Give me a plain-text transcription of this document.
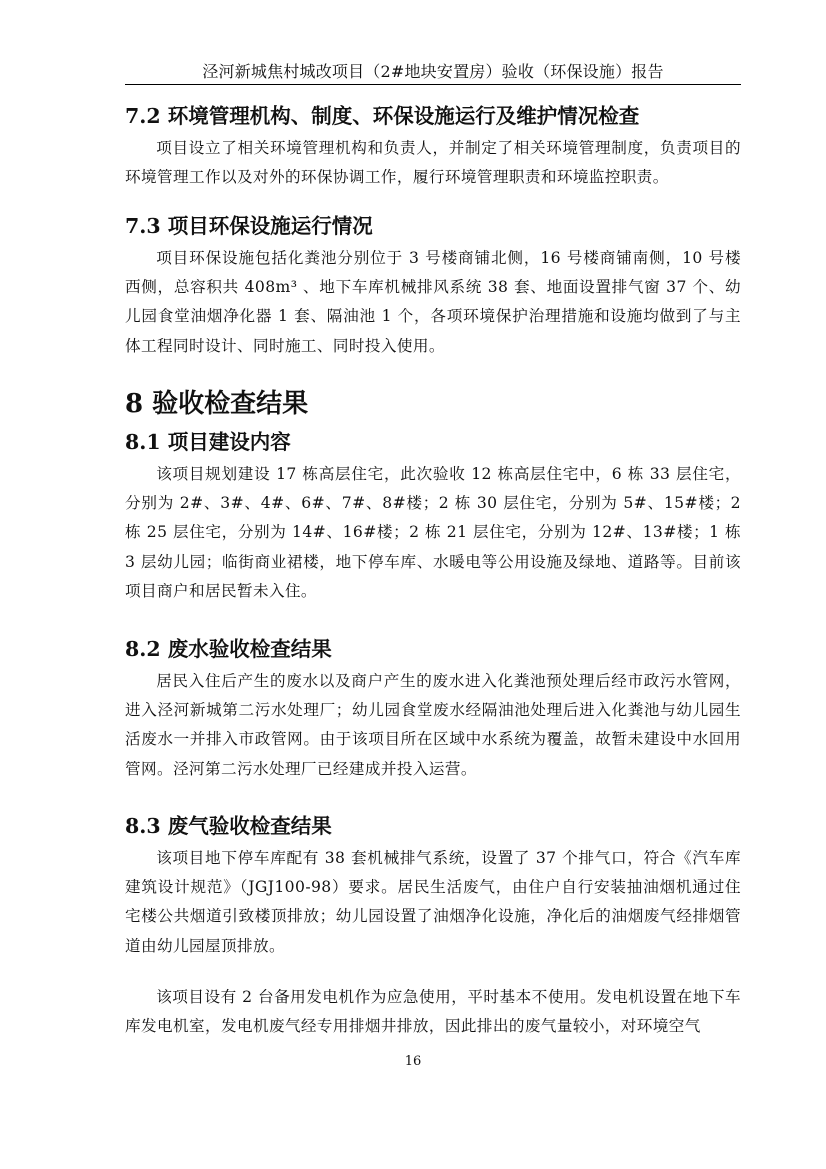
泾河新城焦村城改项目（2#地块安置房）验收（环保设施）报告
7.2 环境管理机构、制度、环保设施运行及维护情况检查

项目设立了相关环境管理机构和负责人，并制定了相关环境管理制度，负责项目的环境管理工作以及对外的环保协调工作，履行环境管理职责和环境监控职责。

7.3 项目环保设施运行情况

项目环保设施包括化粪池分别位于 3 号楼商铺北侧，16 号楼商铺南侧，10 号楼西侧，总容积共 408m³ 、地下车库机械排风系统 38 套、地面设置排气窗 37 个、幼儿园食堂油烟净化器 1 套、隔油池 1 个，各项环境保护治理措施和设施均做到了与主体工程同时设计、同时施工、同时投入使用。

8 验收检查结果
8.1 项目建设内容

该项目规划建设 17 栋高层住宅，此次验收 12 栋高层住宅中，6 栋 33 层住宅，分别为 2#、3#、4#、6#、7#、8#楼；2 栋 30 层住宅，分别为 5#、15#楼；2 栋 25 层住宅，分别为 14#、16#楼；2 栋 21 层住宅，分别为 12#、13#楼；1 栋 3 层幼儿园；临街商业裙楼，地下停车库、水暖电等公用设施及绿地、道路等。目前该项目商户和居民暂未入住。

8.2 废水验收检查结果

居民入住后产生的废水以及商户产生的废水进入化粪池预处理后经市政污水管网，进入泾河新城第二污水处理厂；幼儿园食堂废水经隔油池处理后进入化粪池与幼儿园生活废水一并排入市政管网。由于该项目所在区域中水系统为覆盖，故暂未建设中水回用管网。泾河第二污水处理厂已经建成并投入运营。

8.3 废气验收检查结果

该项目地下停车库配有 38 套机械排气系统，设置了 37 个排气口，符合《汽车库建筑设计规范》（JGJ100-98）要求。居民生活废气，由住户自行安装抽油烟机通过住宅楼公共烟道引致楼顶排放；幼儿园设置了油烟净化设施，净化后的油烟废气经排烟管道由幼儿园屋顶排放。

该项目设有 2 台备用发电机作为应急使用，平时基本不使用。发电机设置在地下车库发电机室，发电机废气经专用排烟井排放，因此排出的废气量较小，对环境空气

16
